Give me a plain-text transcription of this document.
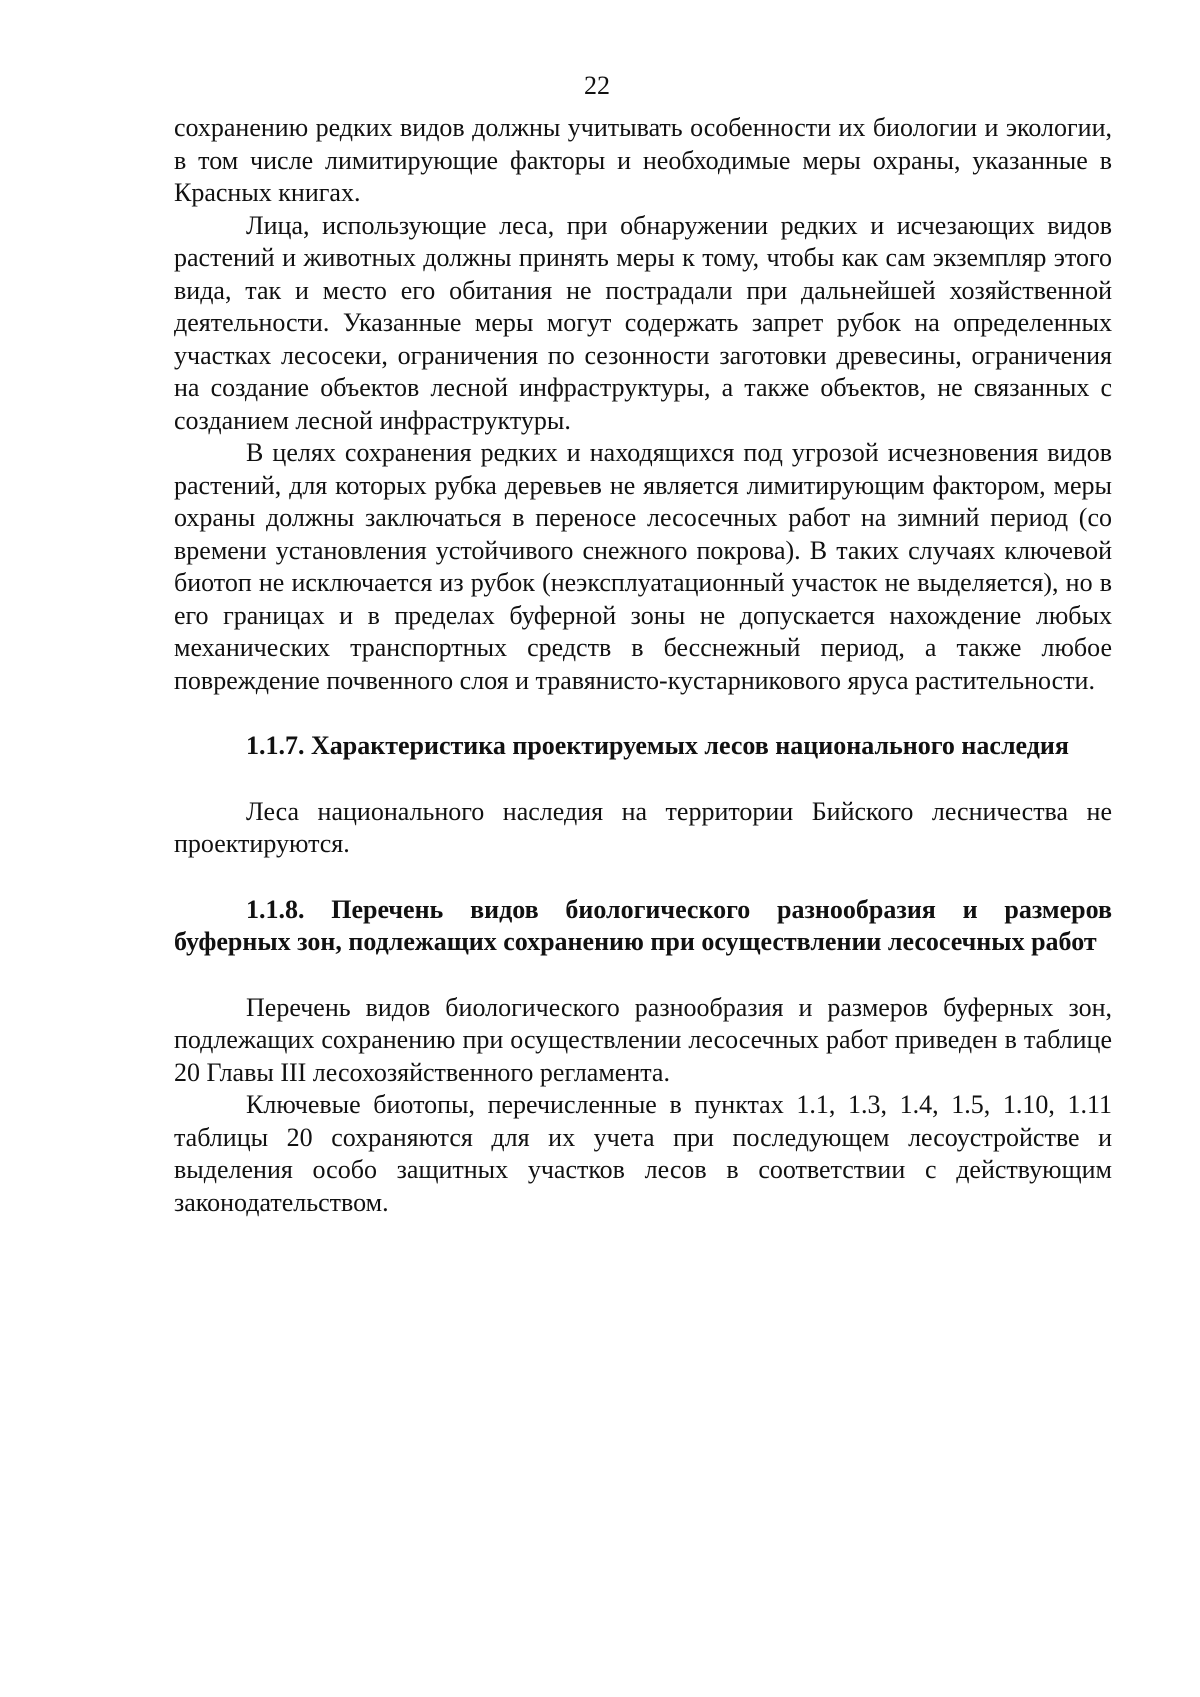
22

сохранению редких видов должны учитывать особенности их биологии и экологии, в том числе лимитирующие факторы и необходимые меры охраны, указанные в Красных книгах.

Лица, использующие леса, при обнаружении редких и исчезающих видов растений и животных должны принять меры к тому, чтобы как сам экземпляр этого вида, так и место его обитания не пострадали при дальнейшей хозяйственной деятельности. Указанные меры могут содержать запрет рубок на определенных участках лесосеки, ограничения по сезонности заготовки древесины, ограничения на создание объектов лесной инфраструктуры, а также объектов, не связанных с созданием лесной инфраструктуры.

В целях сохранения редких и находящихся под угрозой исчезновения видов растений, для которых рубка деревьев не является лимитирующим фактором, меры охраны должны заключаться в переносе лесосечных работ на зимний период (со времени установления устойчивого снежного покрова). В таких случаях ключевой биотоп не исключается из рубок (неэксплуатационный участок не выделяется), но в его границах и в пределах буферной зоны не допускается нахождение любых механических транспортных средств в бесснежный период, а также любое повреждение почвенного слоя и травянисто-кустарникового яруса растительности.

1.1.7. Характеристика проектируемых лесов национального наследия

Леса национального наследия на территории Бийского лесничества не проектируются.

1.1.8. Перечень видов биологического разнообразия и размеров буферных зон, подлежащих сохранению при осуществлении лесосечных работ

Перечень видов биологического разнообразия и размеров буферных зон, подлежащих сохранению при осуществлении лесосечных работ приведен в таблице 20 Главы III лесохозяйственного регламента.

Ключевые биотопы, перечисленные в пунктах 1.1, 1.3, 1.4, 1.5, 1.10, 1.11 таблицы 20 сохраняются для их учета при последующем лесоустройстве и выделения особо защитных участков лесов в соответствии с действующим законодательством.
